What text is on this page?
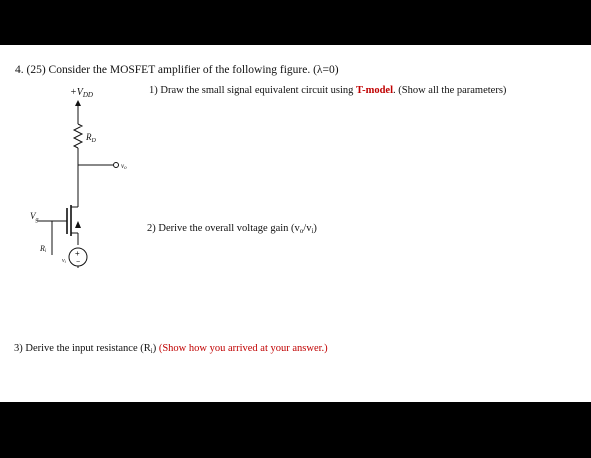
4. (25) Consider the MOSFET amplifier of the following figure. (λ=0)
1) Draw the small signal equivalent circuit using T-model. (Show all the parameters)
2) Derive the overall voltage gain $(v_o/v_i)$
3) Derive the input resistance $(R_i)$ (Show how you arrived at your answer.)
$+V_{DD}$
$R_D$
vo
$V_g$
Ri
vi
+
−
